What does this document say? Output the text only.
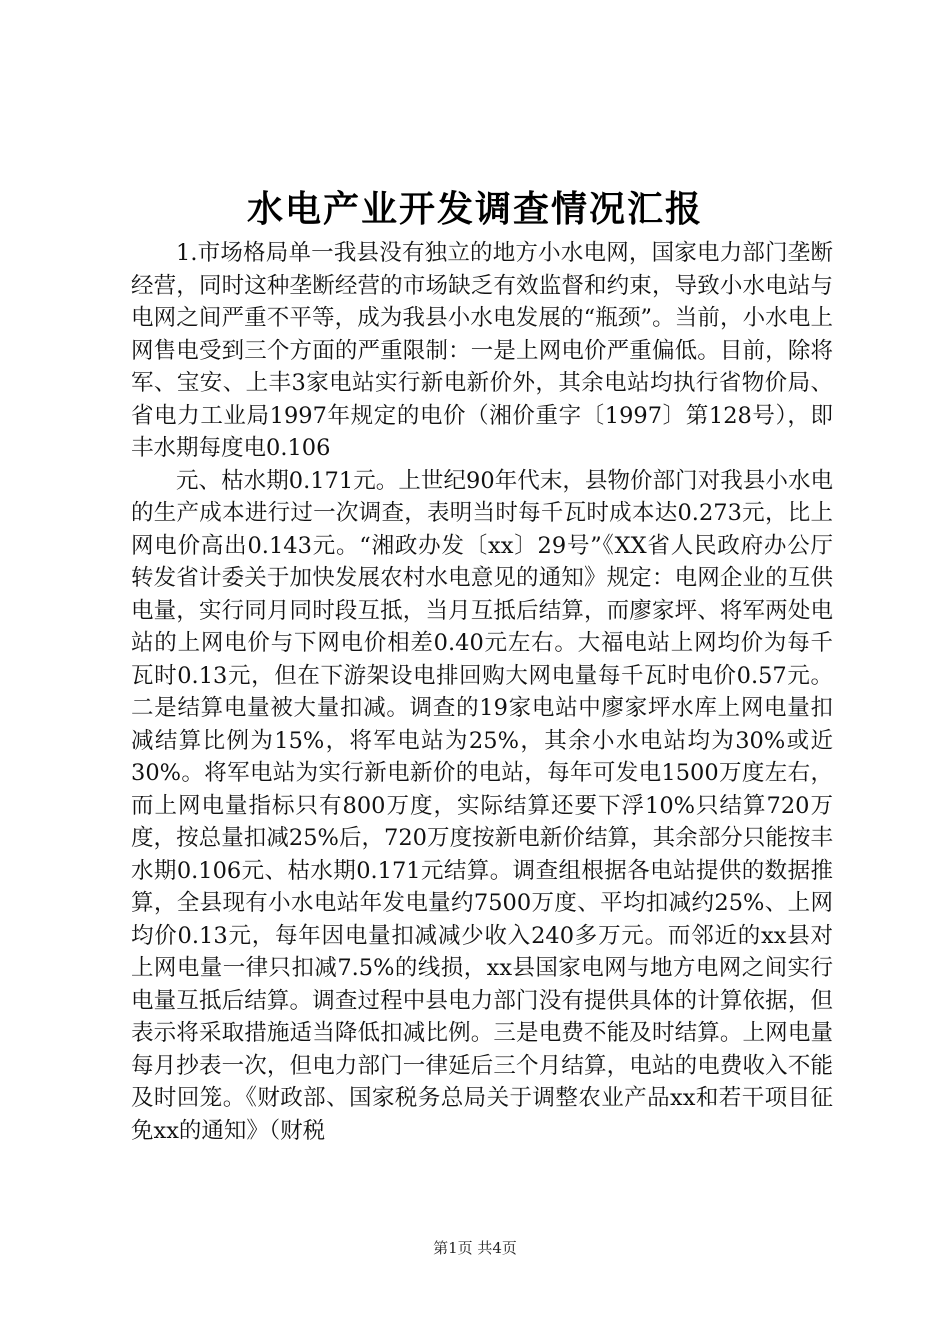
水电产业开发调查情况汇报

1.市场格局单一我县没有独立的地方小水电网，国家电力部门垄断经营，同时这种垄断经营的市场缺乏有效监督和约束，导致小水电站与电网之间严重不平等，成为我县小水电发展的“瓶颈”。当前，小水电上网售电受到三个方面的严重限制：一是上网电价严重偏低。目前，除将军、宝安、上丰3家电站实行新电新价外，其余电站均执行省物价局、省电力工业局1997年规定的电价（湘价重字〔1997〕第128号），即丰水期每度电0.106

元、枯水期0.171元。上世纪90年代末，县物价部门对我县小水电的生产成本进行过一次调查，表明当时每千瓦时成本达0.273元，比上网电价高出0.143元。“湘政办发〔xx〕29号”《XX省人民政府办公厅转发省计委关于加快发展农村水电意见的通知》规定：电网企业的互供电量，实行同月同时段互抵，当月互抵后结算，而廖家坪、将军两处电站的上网电价与下网电价相差0.40元左右。大福电站上网均价为每千瓦时0.13元，但在下游架设电排回购大网电量每千瓦时电价0.57元。二是结算电量被大量扣减。调查的19家电站中廖家坪水库上网电量扣减结算比例为15%，将军电站为25%，其余小水电站均为30%或近30%。将军电站为实行新电新价的电站，每年可发电1500万度左右，而上网电量指标只有800万度，实际结算还要下浮10%只结算720万度，按总量扣减25%后，720万度按新电新价结算，其余部分只能按丰水期0.106元、枯水期0.171元结算。调查组根据各电站提供的数据推算，全县现有小水电站年发电量约7500万度、平均扣减约25%、上网均价0.13元，每年因电量扣减减少收入240多万元。而邻近的xx县对上网电量一律只扣减7.5%的线损，xx县国家电网与地方电网之间实行电量互抵后结算。调查过程中县电力部门没有提供具体的计算依据，但表示将采取措施适当降低扣减比例。三是电费不能及时结算。上网电量每月抄表一次，但电力部门一律延后三个月结算，电站的电费收入不能及时回笼。《财政部、国家税务总局关于调整农业产品xx和若干项目征免xx的通知》（财税

第1页 共4页
